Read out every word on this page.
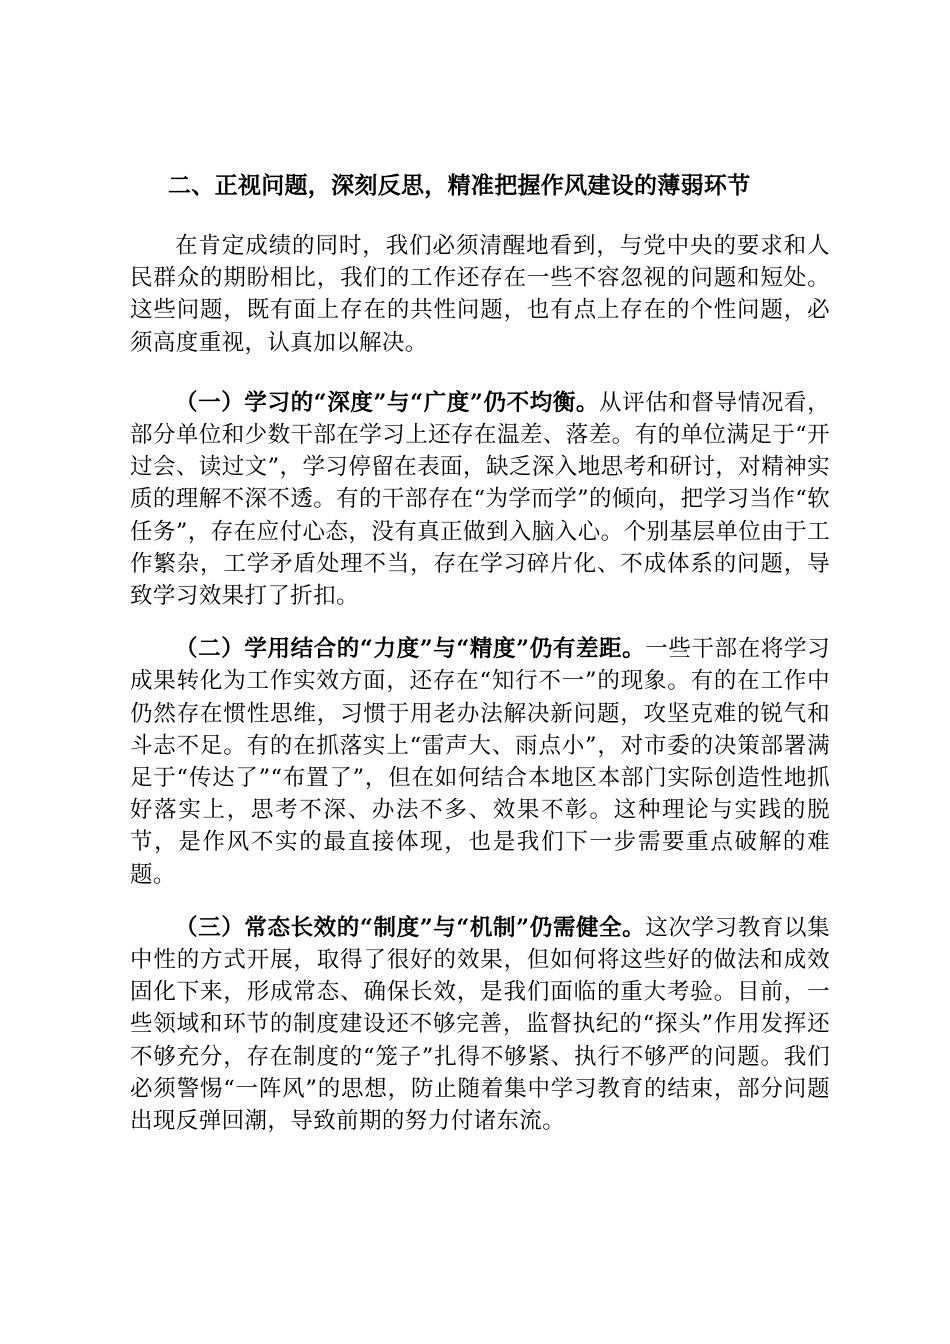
二、正视问题，深刻反思，精准把握作风建设的薄弱环节

在肯定成绩的同时，我们必须清醒地看到，与党中央的要求和人民群众的期盼相比，我们的工作还存在一些不容忽视的问题和短处。这些问题，既有面上存在的共性问题，也有点上存在的个性问题，必须高度重视，认真加以解决。

（一）学习的“深度”与“广度”仍不均衡。从评估和督导情况看，部分单位和少数干部在学习上还存在温差、落差。有的单位满足于“开过会、读过文”，学习停留在表面，缺乏深入地思考和研讨，对精神实质的理解不深不透。有的干部存在“为学而学”的倾向，把学习当作“软任务”，存在应付心态，没有真正做到入脑入心。个别基层单位由于工作繁杂，工学矛盾处理不当，存在学习碎片化、不成体系的问题，导致学习效果打了折扣。

（二）学用结合的“力度”与“精度”仍有差距。一些干部在将学习成果转化为工作实效方面，还存在“知行不一”的现象。有的在工作中仍然存在惯性思维，习惯于用老办法解决新问题，攻坚克难的锐气和斗志不足。有的在抓落实上“雷声大、雨点小”，对市委的决策部署满足于“传达了”“布置了”，但在如何结合本地区本部门实际创造性地抓好落实上，思考不深、办法不多、效果不彰。这种理论与实践的脱节，是作风不实的最直接体现，也是我们下一步需要重点破解的难题。

（三）常态长效的“制度”与“机制”仍需健全。这次学习教育以集中性的方式开展，取得了很好的效果，但如何将这些好的做法和成效固化下来，形成常态、确保长效，是我们面临的重大考验。目前，一些领域和环节的制度建设还不够完善，监督执纪的“探头”作用发挥还不够充分，存在制度的“笼子”扎得不够紧、执行不够严的问题。我们必须警惕“一阵风”的思想，防止随着集中学习教育的结束，部分问题出现反弹回潮，导致前期的努力付诸东流。
